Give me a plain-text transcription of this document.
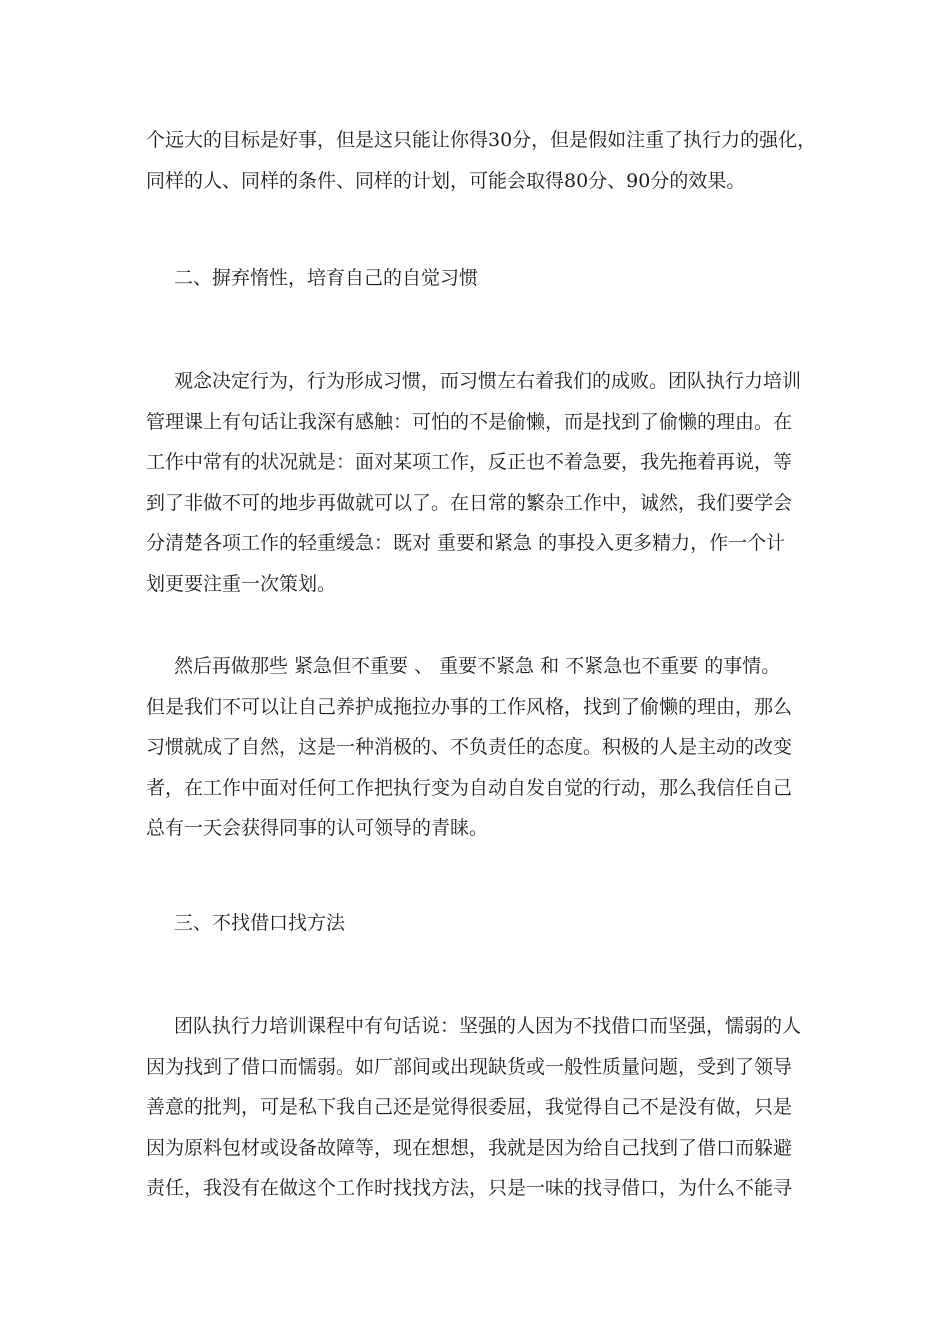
个远大的目标是好事，但是这只能让你得30分，但是假如注重了执行力的强化，
同样的人、同样的条件、同样的计划，可能会取得80分、90分的效果。
二、摒弃惰性，培育自己的自觉习惯
观念决定行为，行为形成习惯，而习惯左右着我们的成败。团队执行力培训
管理课上有句话让我深有感触：可怕的不是偷懒，而是找到了偷懒的理由。在
工作中常有的状况就是：面对某项工作，反正也不着急要，我先拖着再说，等
到了非做不可的地步再做就可以了。在日常的繁杂工作中，诚然，我们要学会
分清楚各项工作的轻重缓急：既对 重要和紧急 的事投入更多精力，作一个计
划更要注重一次策划。
然后再做那些 紧急但不重要 、 重要不紧急 和 不紧急也不重要 的事情。
但是我们不可以让自己养护成拖拉办事的工作风格，找到了偷懒的理由，那么
习惯就成了自然，这是一种消极的、不负责任的态度。积极的人是主动的改变
者，在工作中面对任何工作把执行变为自动自发自觉的行动，那么我信任自己
总有一天会获得同事的认可领导的青睐。
三、不找借口找方法
团队执行力培训课程中有句话说：坚强的人因为不找借口而坚强，懦弱的人
因为找到了借口而懦弱。如厂部间或出现缺货或一般性质量问题，受到了领导
善意的批判，可是私下我自己还是觉得很委屈，我觉得自己不是没有做，只是
因为原料包材或设备故障等，现在想想，我就是因为给自己找到了借口而躲避
责任，我没有在做这个工作时找找方法，只是一味的找寻借口，为什么不能寻
